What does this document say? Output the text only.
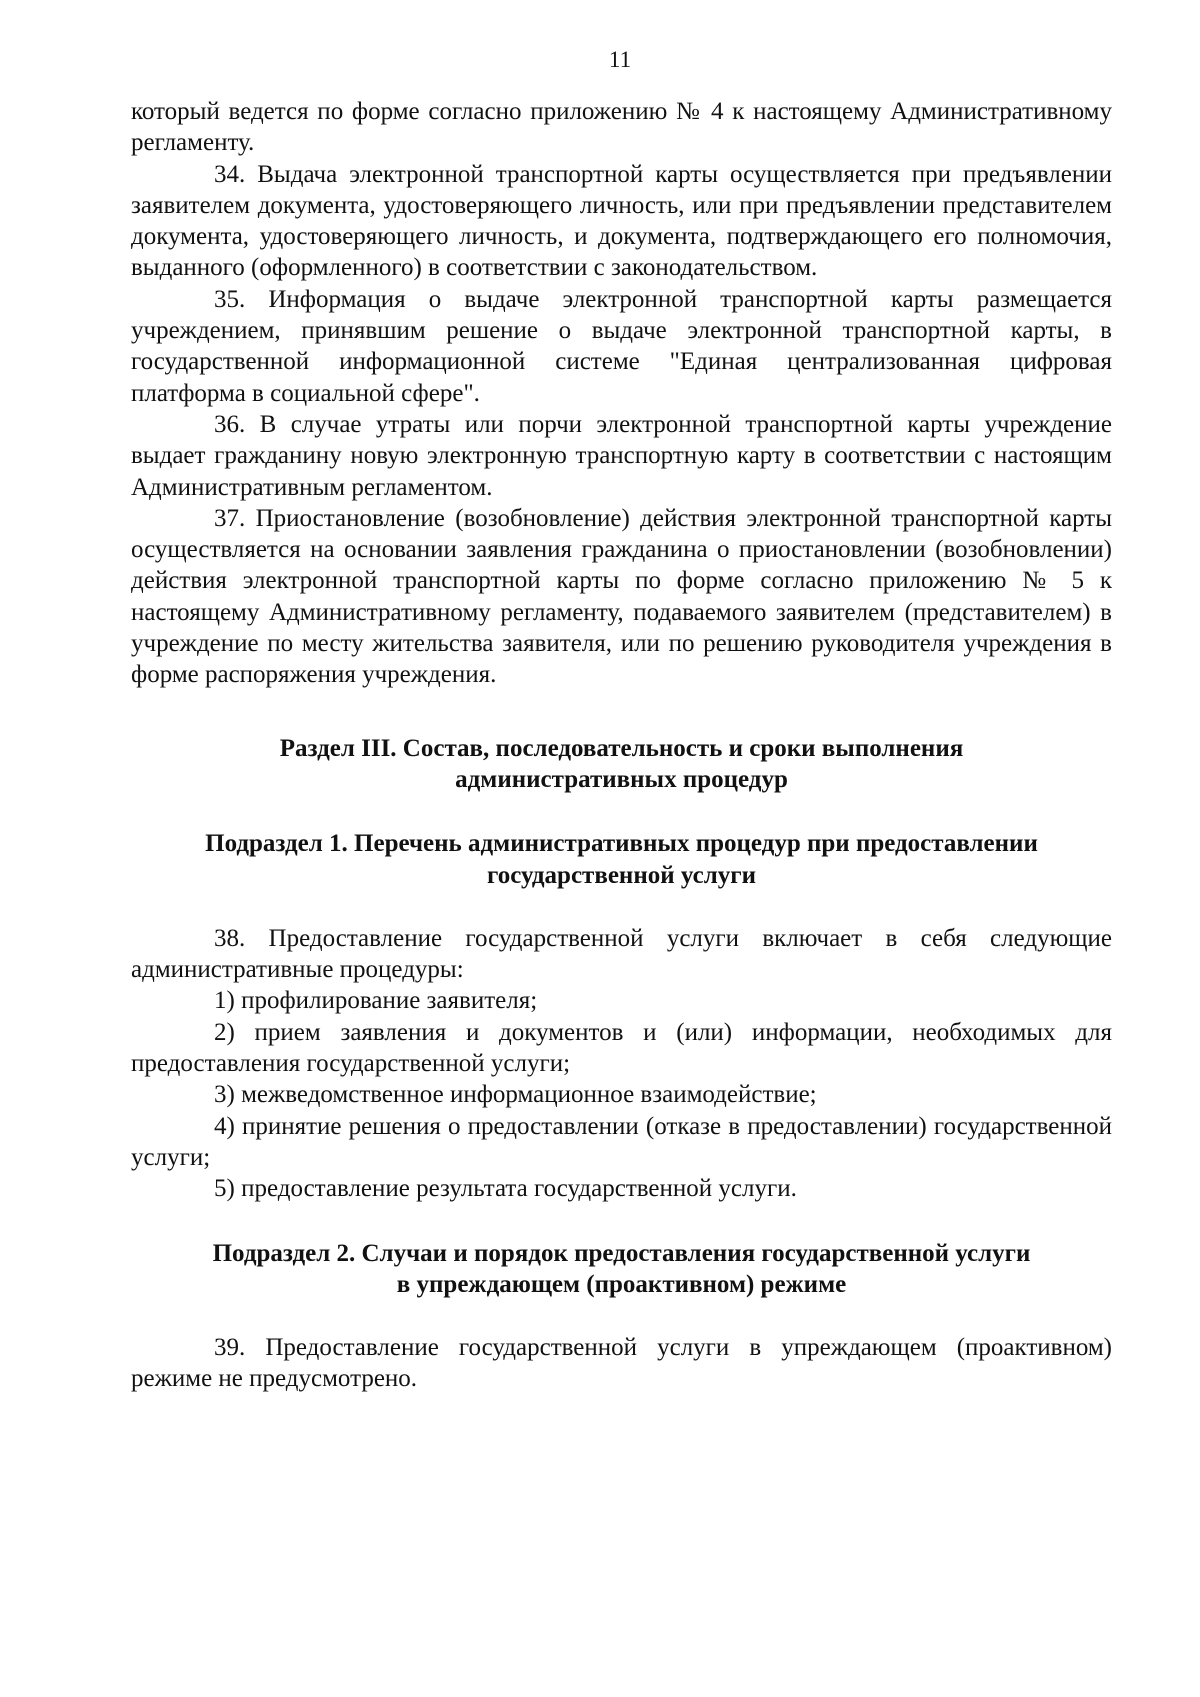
11

который ведется по форме согласно приложению № 4 к настоящему Административному регламенту.

34. Выдача электронной транспортной карты осуществляется при предъявлении заявителем документа, удостоверяющего личность, или при предъявлении представителем документа, удостоверяющего личность, и документа, подтверждающего его полномочия, выданного (оформленного) в соответствии с законодательством.

35. Информация о выдаче электронной транспортной карты размещается учреждением, принявшим решение о выдаче электронной транспортной карты, в государственной информационной системе "Единая централизованная цифровая платформа в социальной сфере".

36. В случае утраты или порчи электронной транспортной карты учреждение выдает гражданину новую электронную транспортную карту в соответствии с настоящим Административным регламентом.

37. Приостановление (возобновление) действия электронной транспортной карты осуществляется на основании заявления гражданина о приостановлении (возобновлении) действия электронной транспортной карты по форме согласно приложению № 5 к настоящему Административному регламенту, подаваемого заявителем (представителем) в учреждение по месту жительства заявителя, или по решению руководителя учреждения в форме распоряжения учреждения.

Раздел III. Состав, последовательность и сроки выполнения
административных процедур
Подраздел 1. Перечень административных процедур при предоставлении
государственной услуги

38. Предоставление государственной услуги включает в себя следующие административные процедуры:

1) профилирование заявителя;

2) прием заявления и документов и (или) информации, необходимых для предоставления государственной услуги;

3) межведомственное информационное взаимодействие;

4) принятие решения о предоставлении (отказе в предоставлении) государственной услуги;

5) предоставление результата государственной услуги.

Подраздел 2. Случаи и порядок предоставления государственной услуги
в упреждающем (проактивном) режиме

39. Предоставление государственной услуги в упреждающем (проактивном) режиме не предусмотрено.
